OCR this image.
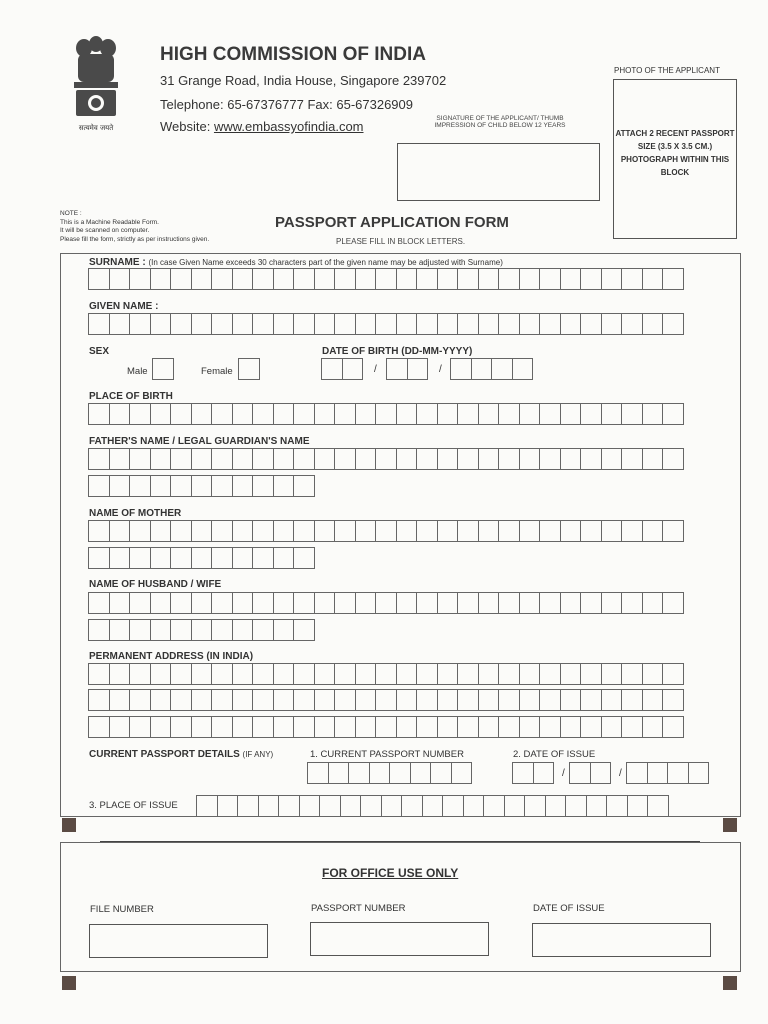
सत्यमेव जयते
HIGH COMMISSION OF INDIA
31 Grange Road, India House, Singapore 239702
Telephone: 65-67376777 Fax: 65-67326909
Website: www.embassyofindia.com
PHOTO OF THE APPLICANT
ATTACH 2 RECENT PASSPORT SIZE (3.5 X 3.5 CM.) PHOTOGRAPH WITHIN THIS BLOCK
SIGNATURE OF THE APPLICANT/ THUMB IMPRESSION OF CHILD BELOW 12 YEARS
NOTE :
This is a Machine Readable Form.
It will be scanned on computer.
Please fill the form, strictly as per instructions given.
PASSPORT APPLICATION FORM
PLEASE FILL IN BLOCK LETTERS.
SURNAME : (In case Given Name exceeds 30 characters part of the given name may be adjusted with Surname)
GIVEN NAME :
SEX
Male	Female
DATE OF BIRTH (DD-MM-YYYY)
/	/
PLACE OF BIRTH
FATHER'S NAME / LEGAL GUARDIAN'S NAME
NAME OF MOTHER
NAME OF HUSBAND / WIFE
PERMANENT ADDRESS (IN INDIA)
CURRENT PASSPORT DETAILS (IF ANY)	1. CURRENT PASSPORT NUMBER	2. DATE OF ISSUE
/	/
3. PLACE OF ISSUE
FOR OFFICE USE ONLY
FILE NUMBER	PASSPORT NUMBER	DATE OF ISSUE
